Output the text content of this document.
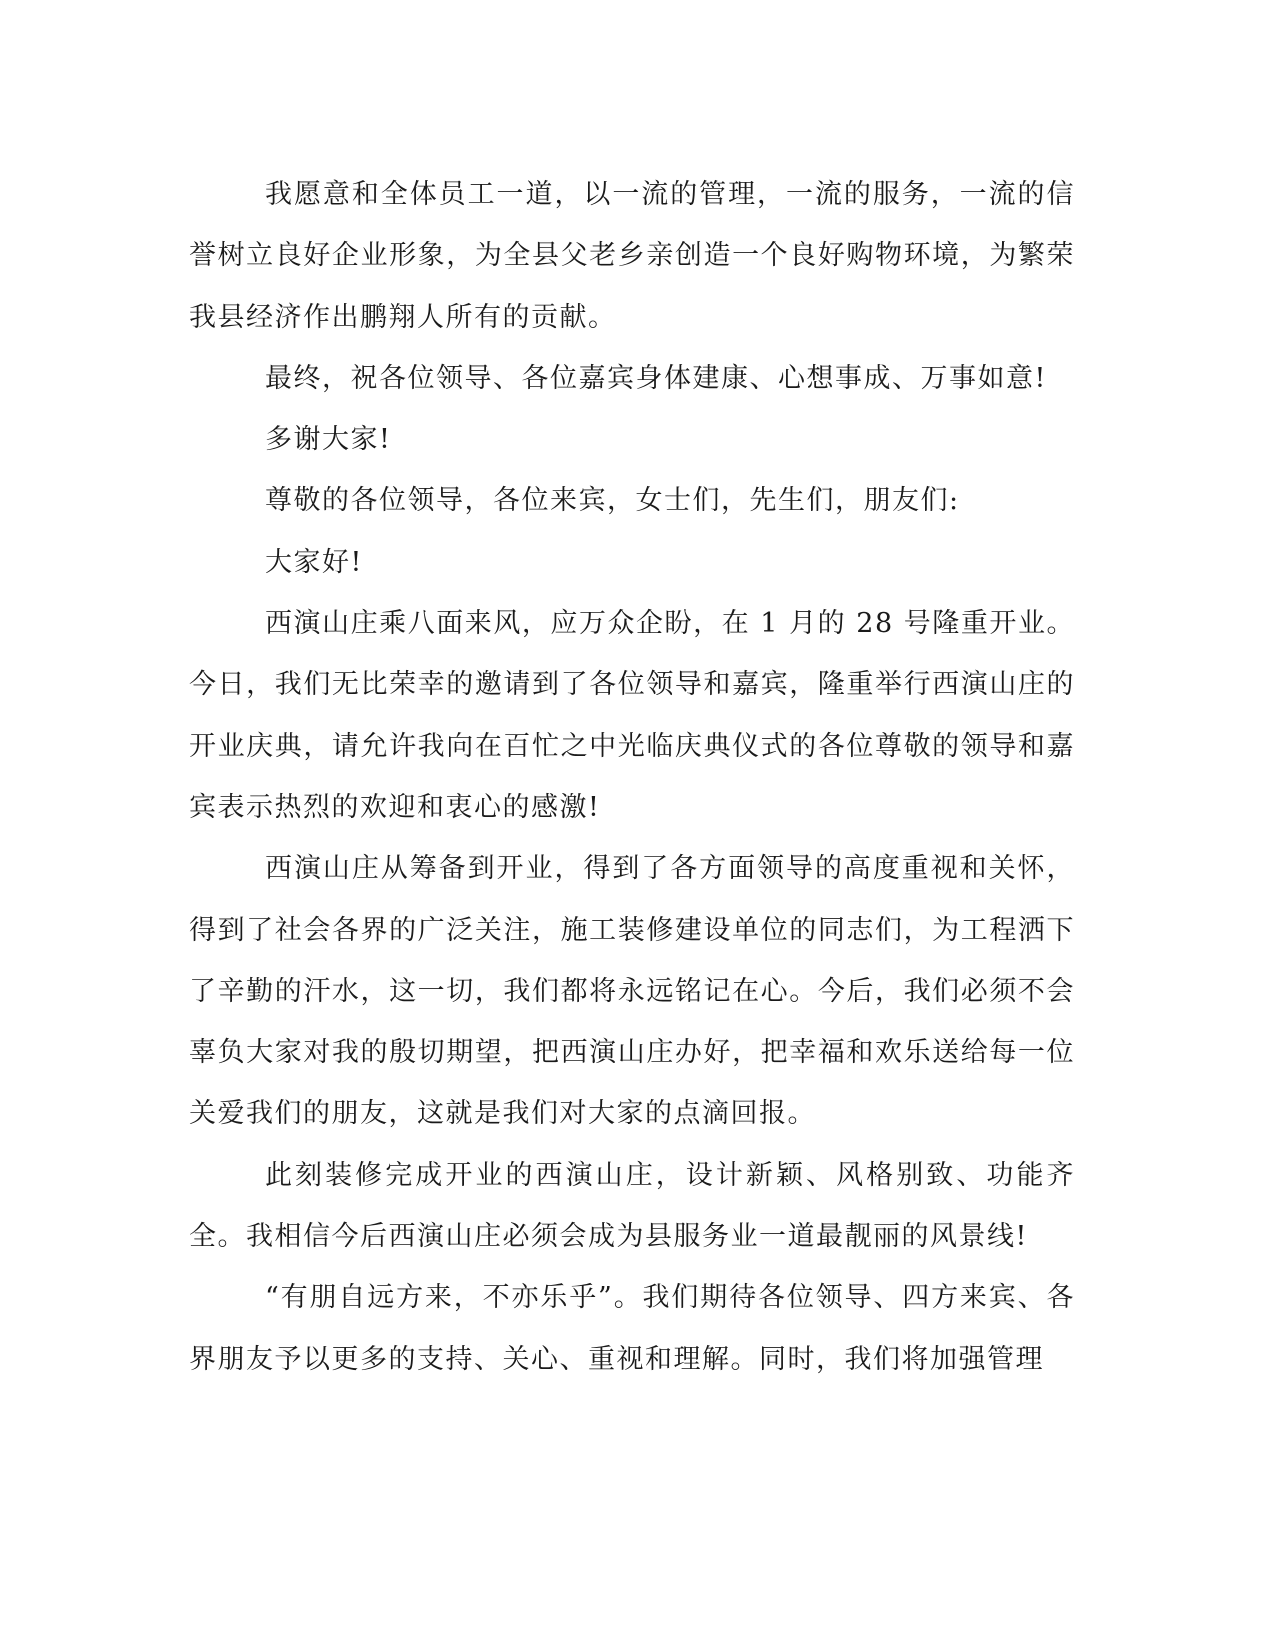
我愿意和全体员工一道，以一流的管理，一流的服务，一流的信誉树立良好企业形象，为全县父老乡亲创造一个良好购物环境，为繁荣我县经济作出鹏翔人所有的贡献。

最终，祝各位领导、各位嘉宾身体建康、心想事成、万事如意!

多谢大家!

尊敬的各位领导，各位来宾，女士们，先生们，朋友们:

大家好!

西演山庄乘八面来风，应万众企盼，在 1 月的 28 号隆重开业。今日，我们无比荣幸的邀请到了各位领导和嘉宾，隆重举行西演山庄的开业庆典，请允许我向在百忙之中光临庆典仪式的各位尊敬的领导和嘉宾表示热烈的欢迎和衷心的感激!

西演山庄从筹备到开业，得到了各方面领导的高度重视和关怀，得到了社会各界的广泛关注，施工装修建设单位的同志们，为工程洒下了辛勤的汗水，这一切，我们都将永远铭记在心。今后，我们必须不会辜负大家对我的殷切期望，把西演山庄办好，把幸福和欢乐送给每一位关爱我们的朋友，这就是我们对大家的点滴回报。

此刻装修完成开业的西演山庄，设计新颖、风格别致、功能齐全。我相信今后西演山庄必须会成为县服务业一道最靓丽的风景线!

“有朋自远方来，不亦乐乎”。我们期待各位领导、四方来宾、各界朋友予以更多的支持、关心、重视和理解。同时，我们将加强管理
